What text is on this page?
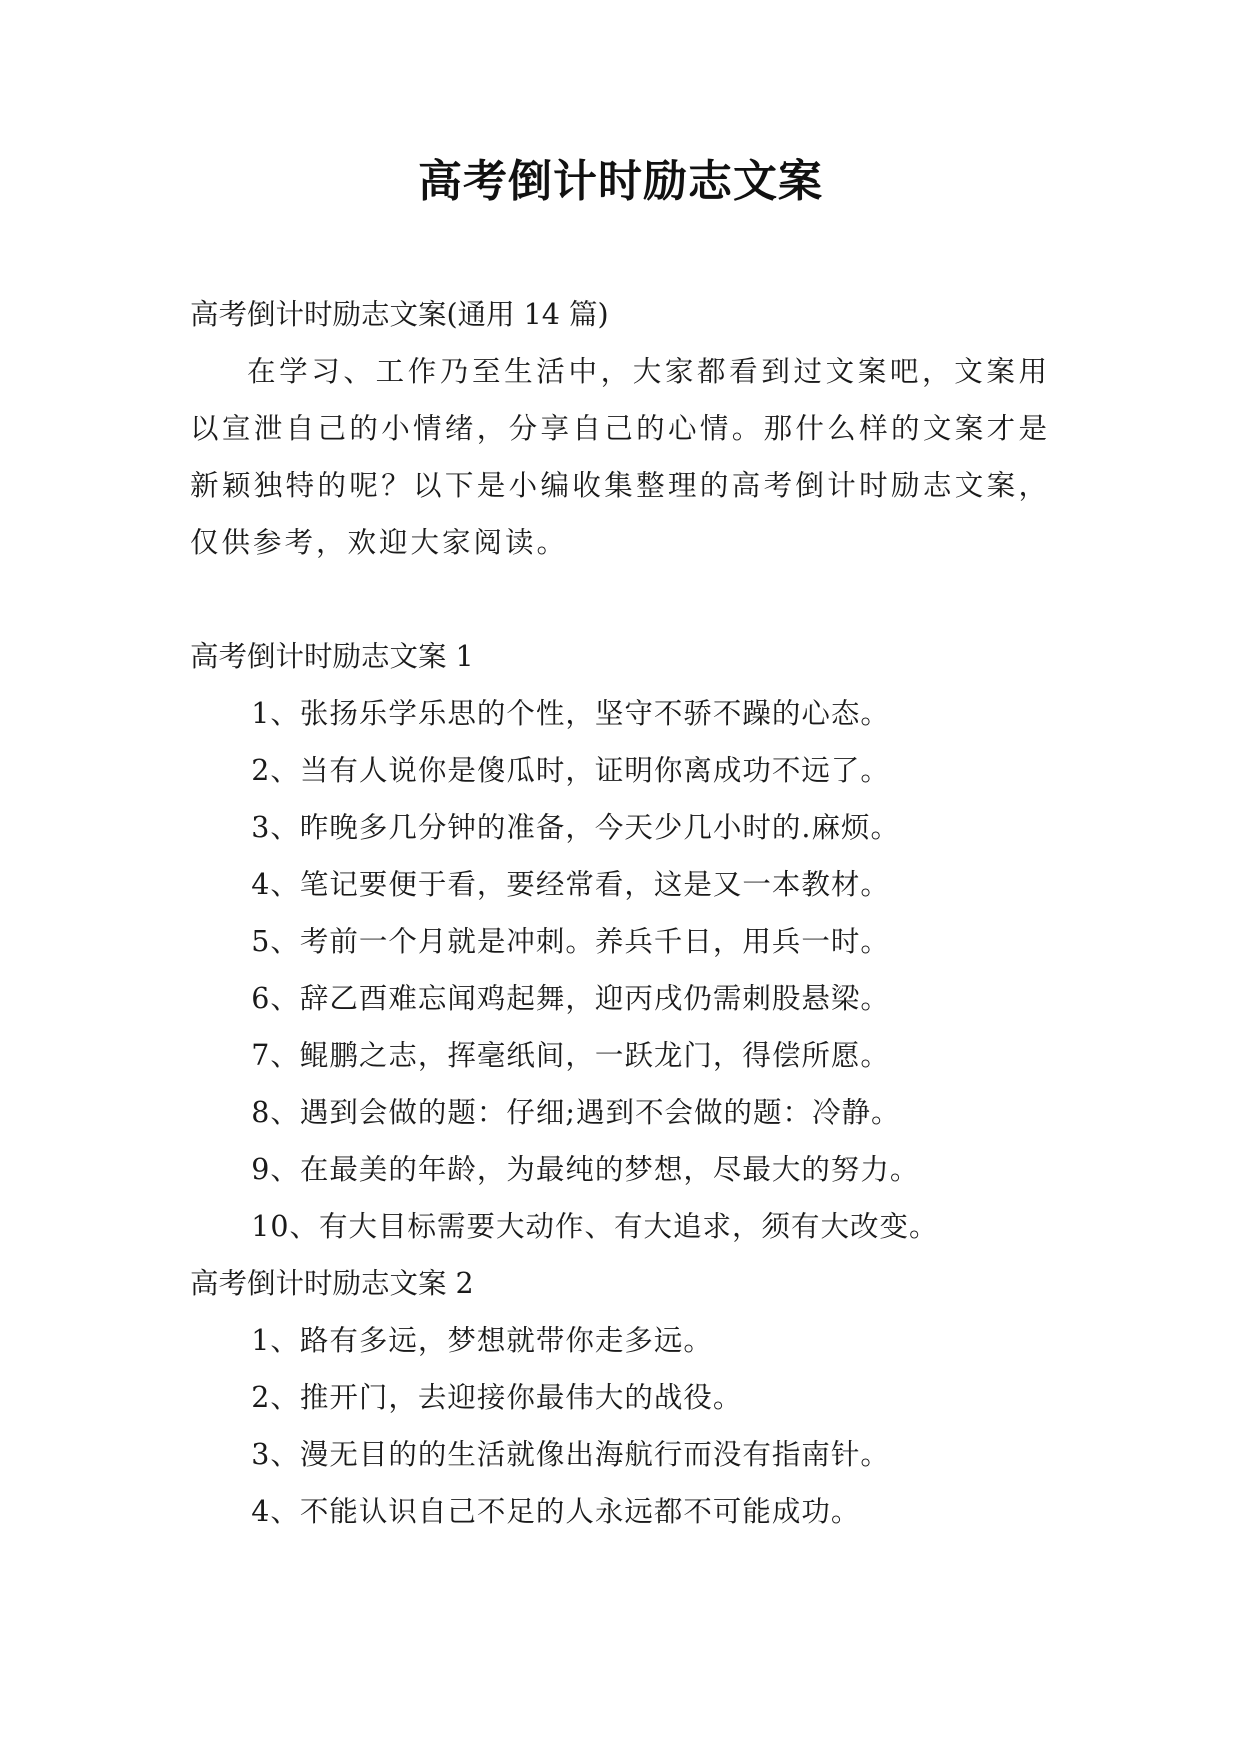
高考倒计时励志文案

高考倒计时励志文案(通用 14 篇)

在学习、工作乃至生活中，大家都看到过文案吧，文案用以宣泄自己的小情绪，分享自己的心情。那什么样的文案才是新颖独特的呢？以下是小编收集整理的高考倒计时励志文案，仅供参考，欢迎大家阅读。

高考倒计时励志文案 1

1、张扬乐学乐思的个性，坚守不骄不躁的心态。

2、当有人说你是傻瓜时，证明你离成功不远了。

3、昨晚多几分钟的准备，今天少几小时的.麻烦。

4、笔记要便于看，要经常看，这是又一本教材。

5、考前一个月就是冲刺。养兵千日，用兵一时。

6、辞乙酉难忘闻鸡起舞，迎丙戌仍需刺股悬梁。

7、鲲鹏之志，挥毫纸间，一跃龙门，得偿所愿。

8、遇到会做的题：仔细;遇到不会做的题：冷静。

9、在最美的年龄，为最纯的梦想，尽最大的努力。

10、有大目标需要大动作、有大追求，须有大改变。

高考倒计时励志文案 2

1、路有多远，梦想就带你走多远。

2、推开门，去迎接你最伟大的战役。

3、漫无目的的生活就像出海航行而没有指南针。

4、不能认识自己不足的人永远都不可能成功。
